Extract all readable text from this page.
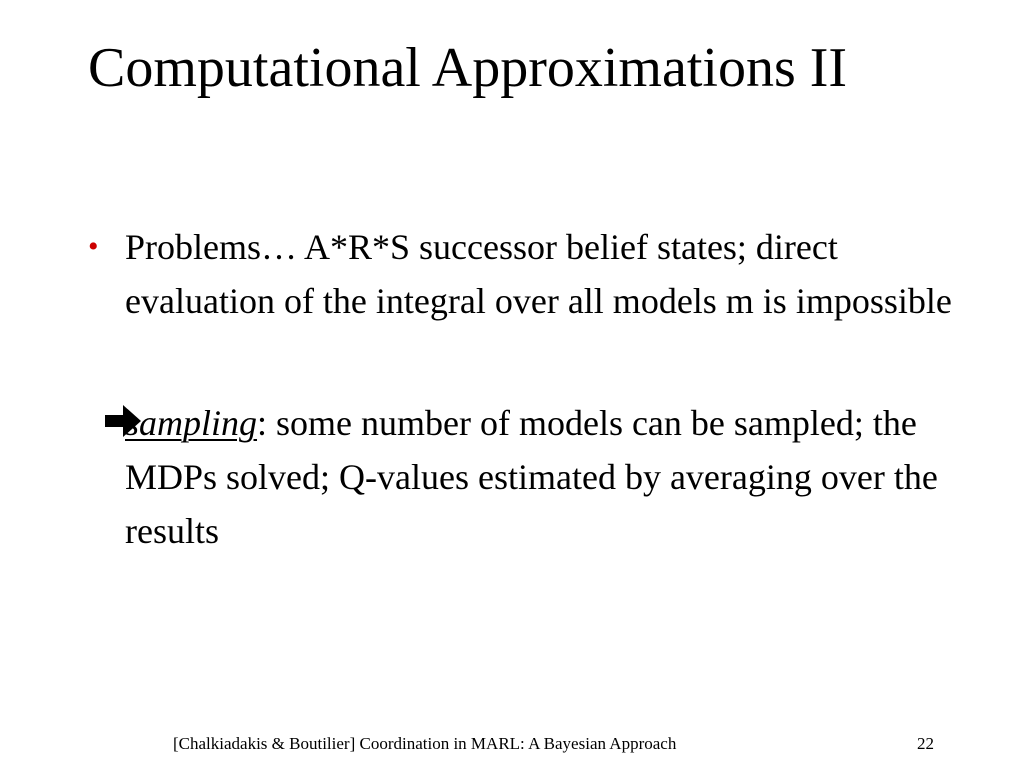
Computational Approximations II
• Problems… A*R*S successor belief states; direct evaluation of the integral over all models m is impossible
sampling: some number of models can be sampled; the MDPs solved; Q-values estimated by averaging over the results
[Chalkiadakis & Boutilier] Coordination in MARL: A Bayesian Approach	22
